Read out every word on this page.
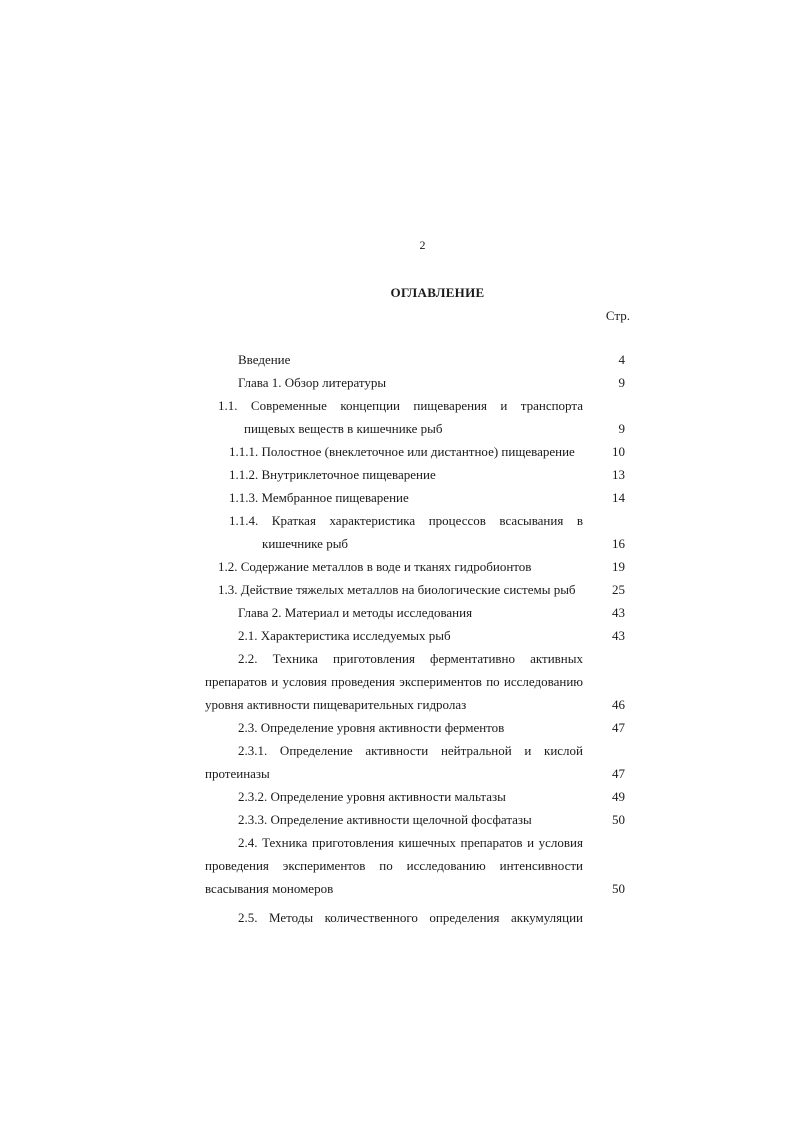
2
ОГЛАВЛЕНИЕ
Стр.
Введение	4
Глава 1. Обзор литературы	9
1.1. Современные концепции пищеварения и транспорта
пищевых веществ в кишечнике рыб	9
1.1.1. Полостное (внеклеточное или дистантное) пищеварение	10
1.1.2. Внутриклеточное пищеварение	13
1.1.3. Мембранное пищеварение	14
1.1.4. Краткая характеристика процессов всасывания в
кишечнике рыб	16
1.2. Содержание металлов в воде и тканях гидробионтов	19
1.3. Действие тяжелых металлов на биологические системы рыб	25
Глава 2. Материал и методы исследования	43
2.1. Характеристика исследуемых рыб	43
2.2. Техника приготовления ферментативно активных
препаратов и условия проведения экспериментов по исследованию
уровня активности пищеварительных гидролаз	46
2.3. Определение уровня активности ферментов	47
2.3.1. Определение активности нейтральной и кислой
протеиназы	47
2.3.2. Определение уровня активности мальтазы	49
2.3.3. Определение активности щелочной фосфатазы	50
2.4. Техника приготовления кишечных препаратов и условия
проведения экспериментов по исследованию интенсивности
всасывания мономеров	50
2.5. Методы количественного определения аккумуляции
